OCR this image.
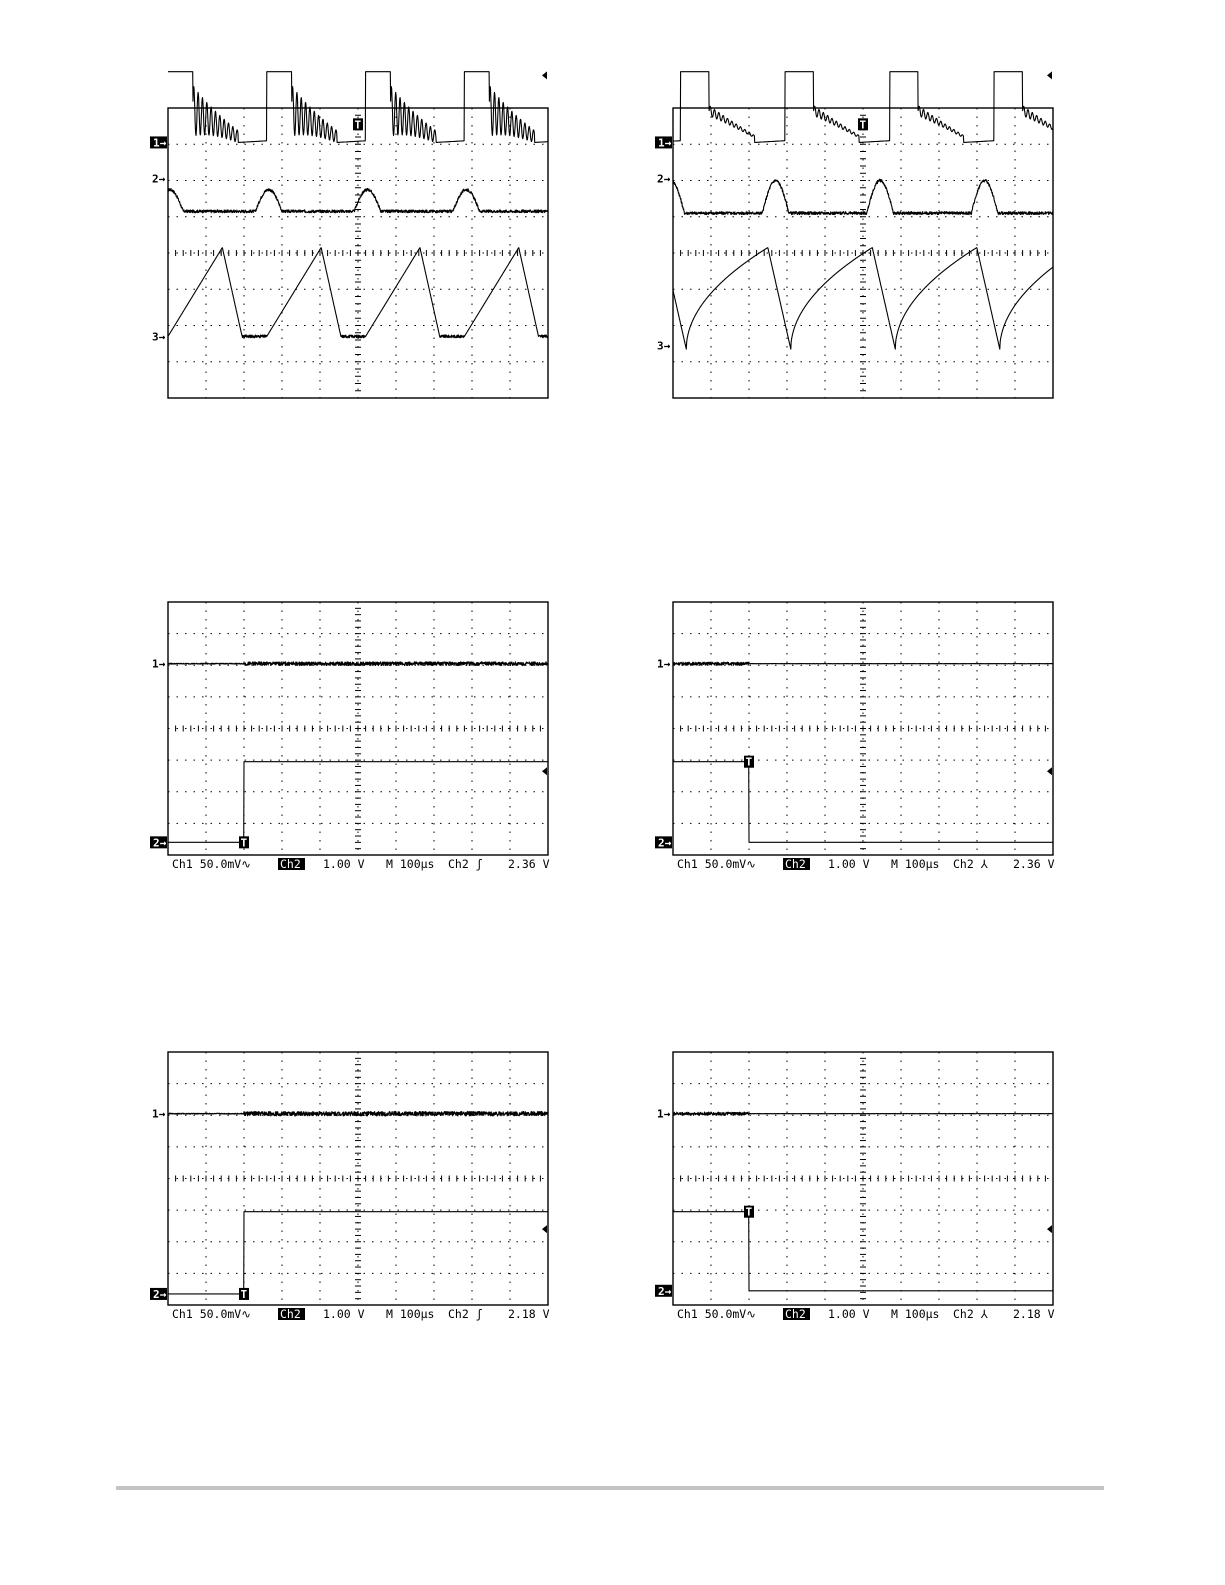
1→
2→
3→
T
1→
2→
3→
T
1→
2→	T
Ch1 50.0mV∿	Ch2 1.00 V M 100μs Ch2 ʃ 2.36 V
1→
2→
T
Ch1 50.0mV∿	Ch2 1.00 V M 100μs Ch2 ⅄ 2.36 V
1→
2→	T
Ch1 50.0mV∿	Ch2 1.00 V M 100μs Ch2 ʃ 2.18 V
1→
2→
T
Ch1 50.0mV∿	Ch2 1.00 V M 100μs Ch2 ⅄ 2.18 V
